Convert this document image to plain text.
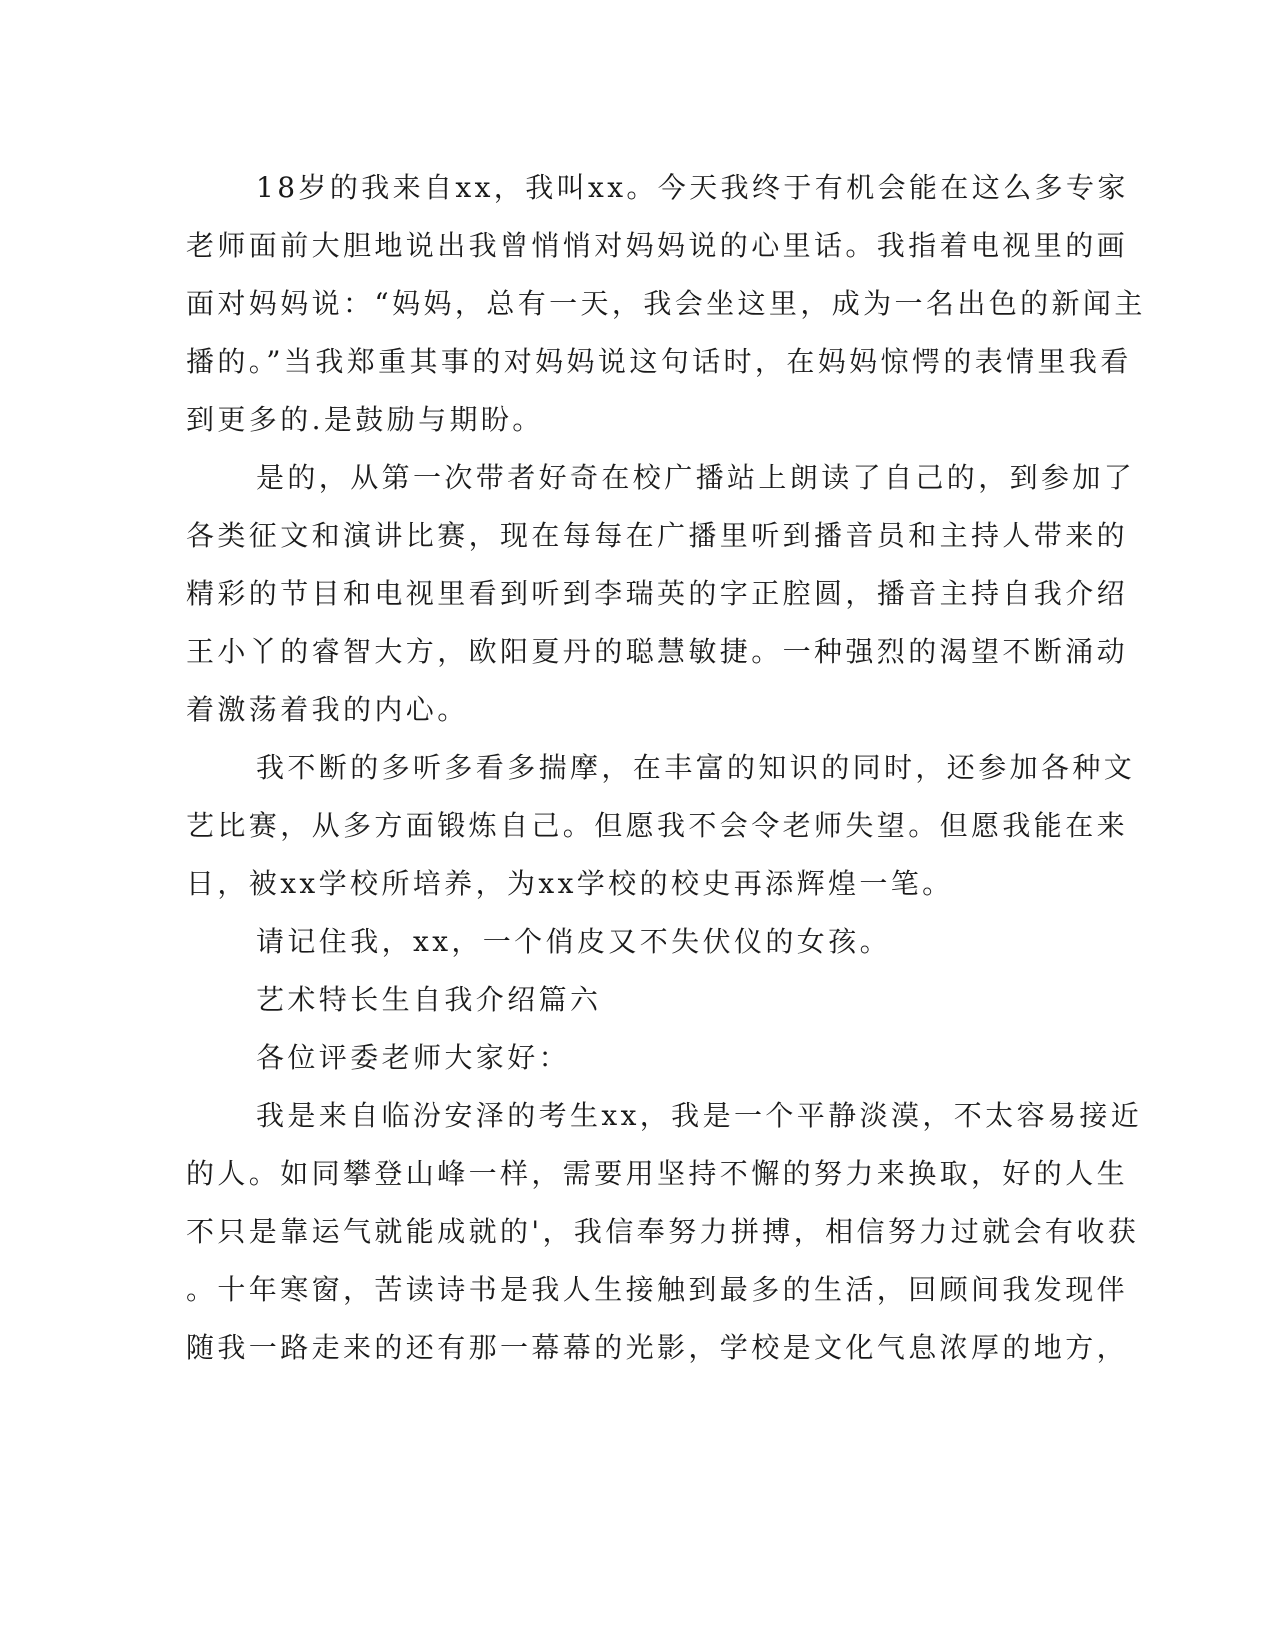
18岁的我来自xx，我叫xx。今天我终于有机会能在这么多专家
老师面前大胆地说出我曾悄悄对妈妈说的心里话。我指着电视里的画
面对妈妈说：“妈妈，总有一天，我会坐这里，成为一名出色的新闻主
播的。”当我郑重其事的对妈妈说这句话时，在妈妈惊愕的表情里我看
到更多的.是鼓励与期盼。
是的，从第一次带者好奇在校广播站上朗读了自己的，到参加了
各类征文和演讲比赛，现在每每在广播里听到播音员和主持人带来的
精彩的节目和电视里看到听到李瑞英的字正腔圆，播音主持自我介绍
王小丫的睿智大方，欧阳夏丹的聪慧敏捷。一种强烈的渴望不断涌动
着激荡着我的内心。
我不断的多听多看多揣摩，在丰富的知识的同时，还参加各种文
艺比赛，从多方面锻炼自己。但愿我不会令老师失望。但愿我能在来
日，被xx学校所培养，为xx学校的校史再添辉煌一笔。
请记住我，xx，一个俏皮又不失伏仪的女孩。
艺术特长生自我介绍篇六
各位评委老师大家好：
我是来自临汾安泽的考生xx，我是一个平静淡漠，不太容易接近
的人。如同攀登山峰一样，需要用坚持不懈的努力来换取，好的人生
不只是靠运气就能成就的'，我信奉努力拼搏，相信努力过就会有收获
。十年寒窗，苦读诗书是我人生接触到最多的生活，回顾间我发现伴
随我一路走来的还有那一幕幕的光影，学校是文化气息浓厚的地方，
